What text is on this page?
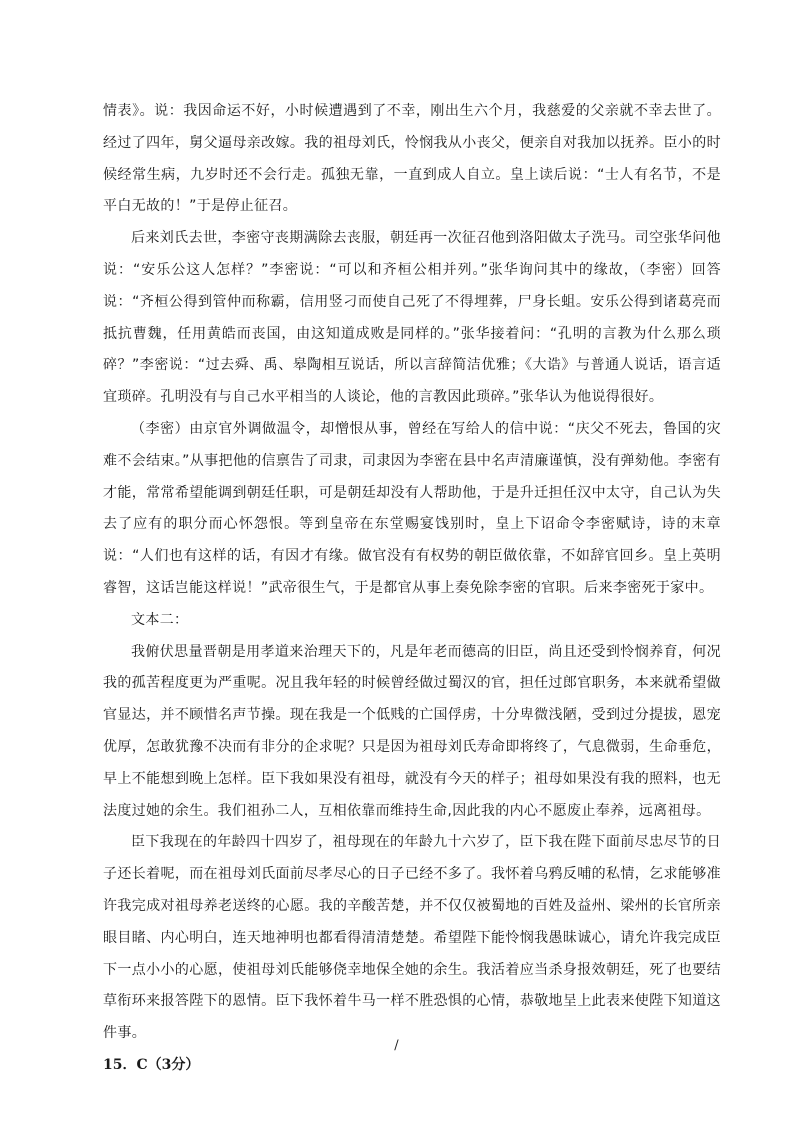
情表》。说：我因命运不好，小时候遭遇到了不幸，刚出生六个月，我慈爱的父亲就不幸去世了。经过了四年，舅父逼母亲改嫁。我的祖母刘氏，怜悯我从小丧父，便亲自对我加以抚养。臣小的时候经常生病，九岁时还不会行走。孤独无靠，一直到成人自立。皇上读后说：“士人有名节，不是平白无故的！”于是停止征召。

后来刘氏去世，李密守丧期满除去丧服，朝廷再一次征召他到洛阳做太子洗马。司空张华问他说：“安乐公这人怎样？”李密说：“可以和齐桓公相并列。”张华询问其中的缘故，（李密）回答说：“齐桓公得到管仲而称霸，信用竖刁而使自己死了不得埋葬，尸身长蛆。安乐公得到诸葛亮而抵抗曹魏，任用黄皓而丧国，由这知道成败是同样的。”张华接着问：“孔明的言教为什么那么琐碎？”李密说：“过去舜、禹、皋陶相互说话，所以言辞简洁优雅；《大诰》与普通人说话，语言适宜琐碎。孔明没有与自己水平相当的人谈论，他的言教因此琐碎。”张华认为他说得很好。

（李密）由京官外调做温令，却憎恨从事，曾经在写给人的信中说：“庆父不死去，鲁国的灾难不会结束。”从事把他的信禀告了司隶，司隶因为李密在县中名声清廉谨慎，没有弹劾他。李密有才能，常常希望能调到朝廷任职，可是朝廷却没有人帮助他，于是升迁担任汉中太守，自己认为失去了应有的职分而心怀怨恨。等到皇帝在东堂赐宴饯别时，皇上下诏命令李密赋诗，诗的末章说：“人们也有这样的话，有因才有缘。做官没有有权势的朝臣做依靠，不如辞官回乡。皇上英明睿智，这话岂能这样说！”武帝很生气，于是都官从事上奏免除李密的官职。后来李密死于家中。

文本二：

我俯伏思量晋朝是用孝道来治理天下的，凡是年老而德高的旧臣，尚且还受到怜悯养育，何况我的孤苦程度更为严重呢。况且我年轻的时候曾经做过蜀汉的官，担任过郎官职务，本来就希望做官显达，并不顾惜名声节操。现在我是一个低贱的亡国俘虏，十分卑微浅陋，受到过分提拔，恩宠优厚，怎敢犹豫不决而有非分的企求呢？只是因为祖母刘氏寿命即将终了，气息微弱，生命垂危，早上不能想到晚上怎样。臣下我如果没有祖母，就没有今天的样子；祖母如果没有我的照料，也无法度过她的余生。我们祖孙二人，互相依靠而维持生命,因此我的内心不愿废止奉养，远离祖母。

臣下我现在的年龄四十四岁了，祖母现在的年龄九十六岁了，臣下我在陛下面前尽忠尽节的日子还长着呢，而在祖母刘氏面前尽孝尽心的日子已经不多了。我怀着乌鸦反哺的私情，乞求能够准许我完成对祖母养老送终的心愿。我的辛酸苦楚，并不仅仅被蜀地的百姓及益州、梁州的长官所亲眼目睹、内心明白，连天地神明也都看得清清楚楚。希望陛下能怜悯我愚昧诚心，请允许我完成臣下一点小小的心愿，使祖母刘氏能够侥幸地保全她的余生。我活着应当杀身报效朝廷，死了也要结草衔环来报答陛下的恩情。臣下我怀着牛马一样不胜恐惧的心情，恭敬地呈上此表来使陛下知道这件事。

15．C（3分）

/
